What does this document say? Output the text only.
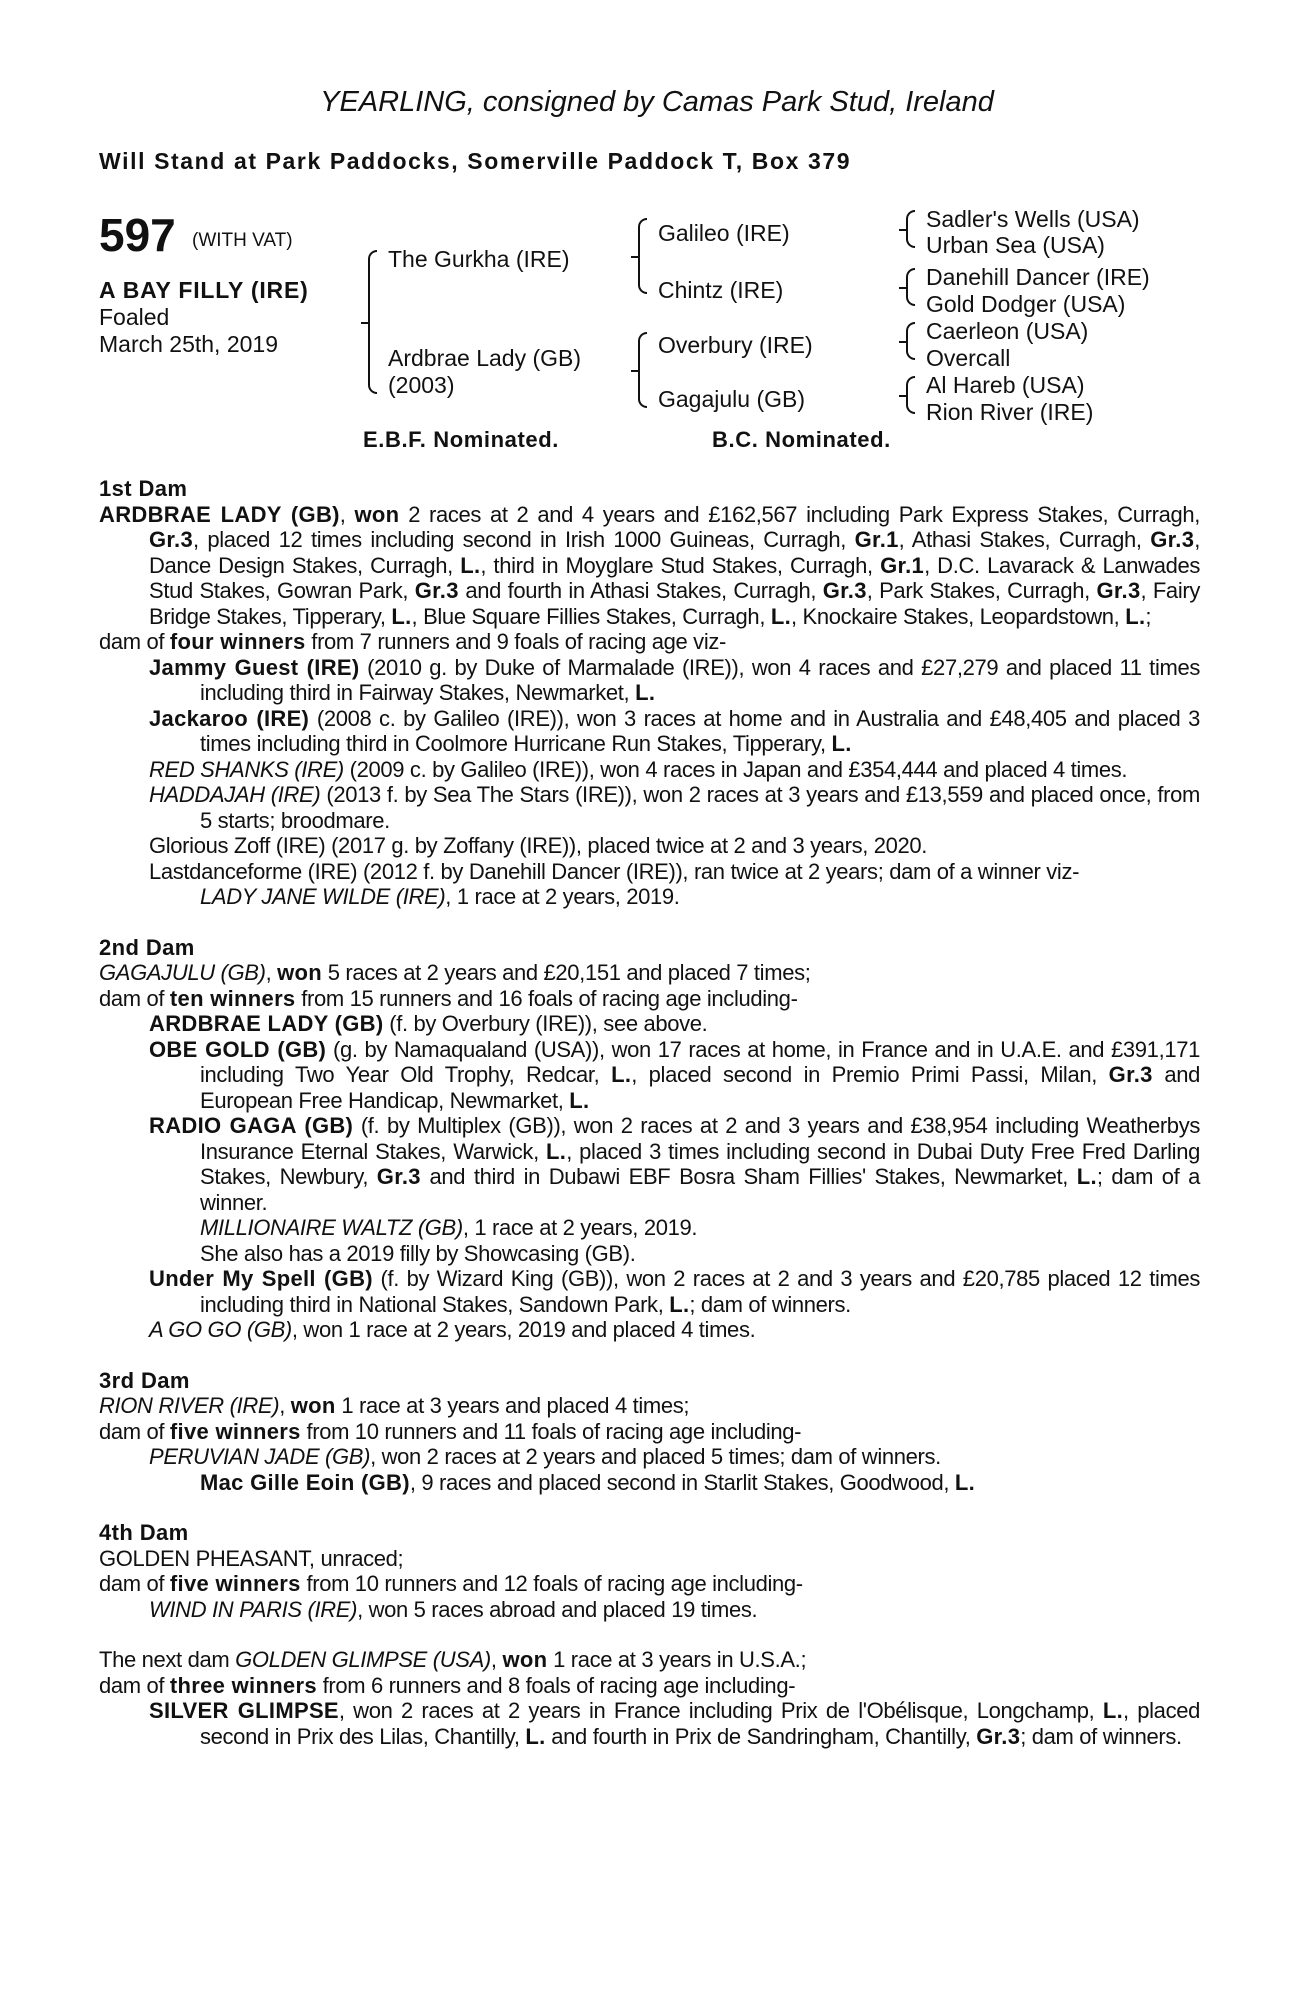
YEARLING, consigned by Camas Park Stud, Ireland
Will Stand at Park Paddocks, Somerville Paddock T, Box 379
597 (WITH VAT)
A BAY FILLY (IRE)
Foaled
March 25th, 2019
The Gurkha (IRE)
Ardbrae Lady (GB)
(2003)
Galileo (IRE)
Chintz (IRE)
Overbury (IRE)
Gagajulu (GB)
Sadler's Wells (USA)
Urban Sea (USA)
Danehill Dancer (IRE)
Gold Dodger (USA)
Caerleon (USA)
Overcall
Al Hareb (USA)
Rion River (IRE)
E.B.F. Nominated.	B.C. Nominated.
1st Dam

ARDBRAE LADY (GB), won 2 races at 2 and 4 years and £162,567 including Park Express Stakes, Curragh, Gr.3, placed 12 times including second in Irish 1000 Guineas, Curragh, Gr.1, Athasi Stakes, Curragh, Gr.3, Dance Design Stakes, Curragh, L., third in Moyglare Stud Stakes, Curragh, Gr.1, D.C. Lavarack & Lanwades Stud Stakes, Gowran Park, Gr.3 and fourth in Athasi Stakes, Curragh, Gr.3, Park Stakes, Curragh, Gr.3, Fairy Bridge Stakes, Tipperary, L., Blue Square Fillies Stakes, Curragh, L., Knockaire Stakes, Leopardstown, L.;

dam of four winners from 7 runners and 9 foals of racing age viz-

Jammy Guest (IRE) (2010 g. by Duke of Marmalade (IRE)), won 4 races and £27,279 and placed 11 times including third in Fairway Stakes, Newmarket, L.

Jackaroo (IRE) (2008 c. by Galileo (IRE)), won 3 races at home and in Australia and £48,405 and placed 3 times including third in Coolmore Hurricane Run Stakes, Tipperary, L.

RED SHANKS (IRE) (2009 c. by Galileo (IRE)), won 4 races in Japan and £354,444 and placed 4 times.

HADDAJAH (IRE) (2013 f. by Sea The Stars (IRE)), won 2 races at 3 years and £13,559 and placed once, from 5 starts; broodmare.

Glorious Zoff (IRE) (2017 g. by Zoffany (IRE)), placed twice at 2 and 3 years, 2020.

Lastdanceforme (IRE) (2012 f. by Danehill Dancer (IRE)), ran twice at 2 years; dam of a winner viz-

LADY JANE WILDE (IRE), 1 race at 2 years, 2019.

2nd Dam

GAGAJULU (GB), won 5 races at 2 years and £20,151 and placed 7 times;

dam of ten winners from 15 runners and 16 foals of racing age including-

ARDBRAE LADY (GB) (f. by Overbury (IRE)), see above.

OBE GOLD (GB) (g. by Namaqualand (USA)), won 17 races at home, in France and in U.A.E. and £391,171 including Two Year Old Trophy, Redcar, L., placed second in Premio Primi Passi, Milan, Gr.3 and European Free Handicap, Newmarket, L.

RADIO GAGA (GB) (f. by Multiplex (GB)), won 2 races at 2 and 3 years and £38,954 including Weatherbys Insurance Eternal Stakes, Warwick, L., placed 3 times including second in Dubai Duty Free Fred Darling Stakes, Newbury, Gr.3 and third in Dubawi EBF Bosra Sham Fillies' Stakes, Newmarket, L.; dam of a winner.

MILLIONAIRE WALTZ (GB), 1 race at 2 years, 2019.

She also has a 2019 filly by Showcasing (GB).

Under My Spell (GB) (f. by Wizard King (GB)), won 2 races at 2 and 3 years and £20,785 placed 12 times including third in National Stakes, Sandown Park, L.; dam of winners.

A GO GO (GB), won 1 race at 2 years, 2019 and placed 4 times.

3rd Dam

RION RIVER (IRE), won 1 race at 3 years and placed 4 times;

dam of five winners from 10 runners and 11 foals of racing age including-

PERUVIAN JADE (GB), won 2 races at 2 years and placed 5 times; dam of winners.

Mac Gille Eoin (GB), 9 races and placed second in Starlit Stakes, Goodwood, L.

4th Dam

GOLDEN PHEASANT, unraced;

dam of five winners from 10 runners and 12 foals of racing age including-

WIND IN PARIS (IRE), won 5 races abroad and placed 19 times.

The next dam GOLDEN GLIMPSE (USA), won 1 race at 3 years in U.S.A.;

dam of three winners from 6 runners and 8 foals of racing age including-

SILVER GLIMPSE, won 2 races at 2 years in France including Prix de l'Obélisque, Longchamp, L., placed second in Prix des Lilas, Chantilly, L. and fourth in Prix de Sandringham, Chantilly, Gr.3; dam of winners.
